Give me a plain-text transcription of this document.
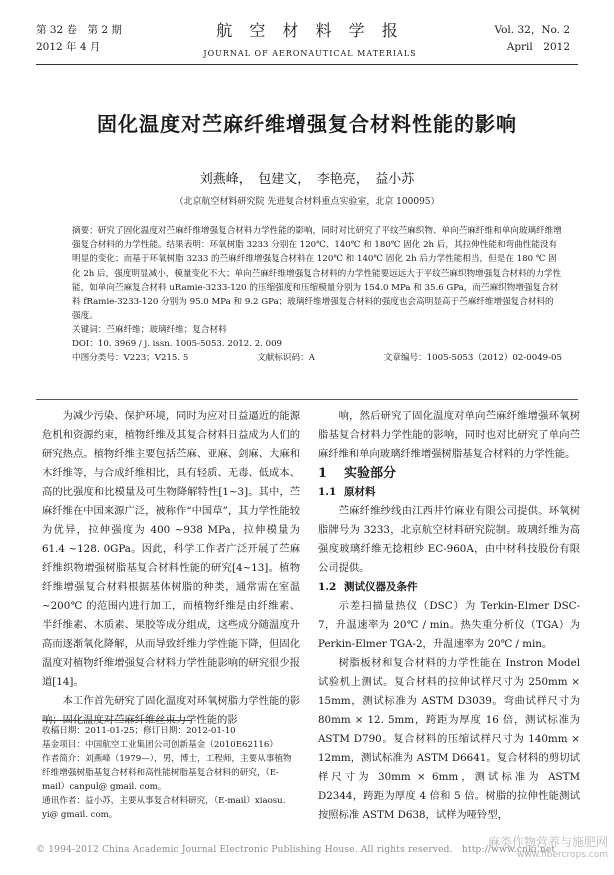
第 32 卷　第 2 期
2012 年 4 月
航 空 材 料 学 报
JOURNAL OF AERONAUTICAL MATERIALS
Vol. 32，No. 2
April　2012
固化温度对苎麻纤维增强复合材料性能的影响
刘燕峰，　包建文，　李艳亮，　益小苏
（北京航空材料研究院 先进复合材料重点实验室，北京 100095）
摘要：研究了固化温度对苎麻纤维增强复合材料力学性能的影响，同时对比研究了平纹苎麻织物、单向苎麻纤维和单向玻璃纤维增强复合材料的力学性能。结果表明：环氧树脂 3233 分别在 120℃、140℃ 和 180℃ 固化 2h 后，其拉伸性能和弯曲性能没有明显的变化；而基于环氧树脂 3233 的苎麻纤维增强复合材料在 120℃ 和 140℃ 固化 2h 后力学性能相当，但是在 180 ℃ 固化 2h 后，强度明显减小，模量变化不大；单向苎麻纤维增强复合材料的力学性能要远远大于平纹苎麻织物增强复合材料的力学性能，如单向苎麻复合材料 uRamie-3233-120 的压缩强度和压缩模量分别为 154.0 MPa 和 35.6 GPa，而苎麻织物增强复合材料 fRamie-3233-120 分别为 95.0 MPa 和 9.2 GPa；玻璃纤维增强复合材料的强度也会高明显高于苎麻纤维增强复合材料的强度。
关键词：苎麻纤维；玻璃纤维；复合材料
DOI：10. 3969 / j. issn. 1005-5053. 2012. 2. 009
中图分类号：V223；V215. 5	文献标识码：A	文章编号：1005-5053（2012）02-0049-05

为减少污染、保护环境，同时为应对日益逼近的能源危机和资源约束，植物纤维及其复合材料日益成为人们的研究热点。植物纤维主要包括苎麻、亚麻、剑麻、大麻和木纤维等，与合成纤维相比，具有轻质、无毒、低成本、高的比强度和比模量及可生物降解特性[1~3]。其中，苎麻纤维在中国来源广泛，被称作“中国草”，其力学性能较为优异，拉伸强度为 400 ~938 MPa，拉伸模量为 61.4 ~128. 0GPa。因此，科学工作者广泛开展了苎麻纤维织物增强树脂基复合材料性能的研究[4~13]。植物纤维增强复合材料根据基体树脂的种类，通常需在室温 ~200℃ 的范围内进行加工，而植物纤维是由纤维素、半纤维素、木质素、果胶等成分组成，这些成分随温度升高而逐渐氧化降解，从而导致纤维力学性能下降，但固化温度对植物纤维增强复合材料力学性能影响的研究很少报道[14]。

本工作首先研究了固化温度对环氧树脂力学性能的影响；固化温度对苎麻纤维丝束力学性能的影

收稿日期：2011-01-25；修订日期：2012-01-10

基金项目：中国航空工业集团公司创新基金（2010E62116）

作者简介：刘燕峰（1979—），男，博士，工程师，主要从事植物纤维增强树脂基复合材料和高性能树脂基复合材料的研究，（E-mail）canpul@ gmail. com。

通讯作者：益小苏，主要从事复合材料研究，（E-mail）xiaosu. yi@ gmail. com。

响，然后研究了固化温度对单向苎麻纤维增强环氧树脂基复合材料力学性能的影响，同时也对比研究了单向苎麻纤维和单向玻璃纤维增强树脂基复合材料的力学性能。

1 实验部分

1.1 原材料

苎麻纤维纱线由江西井竹麻业有限公司提供。环氧树脂牌号为 3233，北京航空材料研究院制。玻璃纤维为高强度玻璃纤维无捻粗纱 EC-960A，由中材科技股份有限公司提供。

1.2 测试仪器及条件

示差扫描量热仪（DSC）为 Terkin-Elmer DSC-7，升温速率为 20℃ / min。热失重分析仪（TGA）为 Perkin-Elmer TGA-2，升温速率为 20℃ / min。

树脂板材和复合材料的力学性能在 Instron Model 试验机上测试。复合材料的拉伸试样尺寸为 250mm × 15mm，测试标准为 ASTM D3039。弯曲试样尺寸为 80mm × 12. 5mm，跨距为厚度 16 倍，测试标准为 ASTM D790。复合材料的压缩试样尺寸为 140mm × 12mm，测试标准为 ASTM D6641。复合材料的剪切试样尺寸为 30mm × 6mm，测试标准为 ASTM D2344，跨距为厚度 4 倍和 5 倍。树脂的拉伸性能测试按照标准 ASTM D638，试样为哑铃型，

© 1994-2012 China Academic Journal Electronic Publishing House. All rights reserved.　http://www.cnki.net
麻类作物营养与施肥网
www.fibercrops.com
